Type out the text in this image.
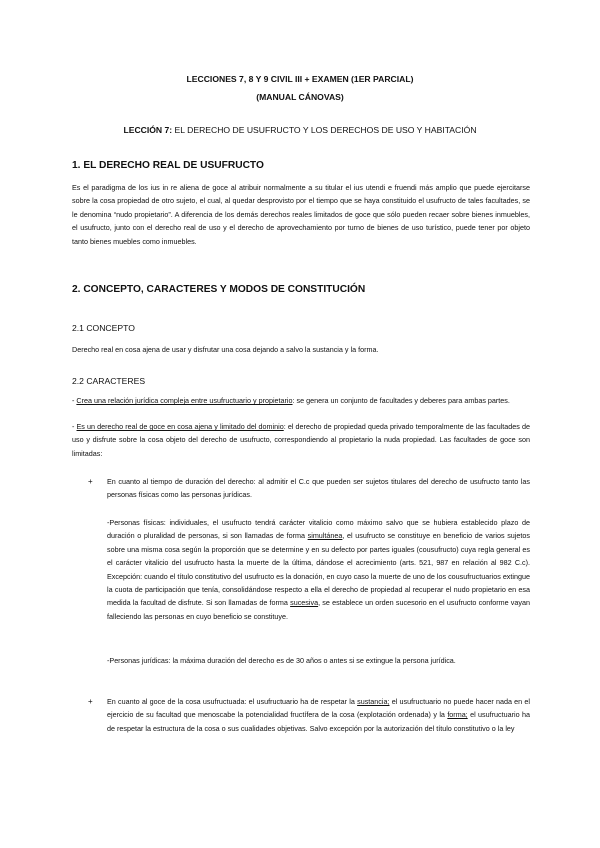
LECCIONES 7, 8 Y 9 CIVIL III + EXAMEN (1ER PARCIAL)
(MANUAL CÁNOVAS)
LECCIÓN 7: EL DERECHO DE USUFRUCTO Y LOS DERECHOS DE USO Y HABITACIÓN
1. EL DERECHO REAL DE USUFRUCTO
Es el paradigma de los ius in re aliena de goce al atribuir normalmente a su titular el ius utendi e fruendi más amplio que puede ejercitarse sobre la cosa propiedad de otro sujeto, el cual, al quedar desprovisto por el tiempo que se haya constituido el usufructo de tales facultades, se le denomina “nudo propietario”. A diferencia de los demás derechos reales limitados de goce que sólo pueden recaer sobre bienes inmuebles, el usufructo, junto con el derecho real de uso y el derecho de aprovechamiento por turno de bienes de uso turístico, puede tener por objeto tanto bienes muebles como inmuebles.
2. CONCEPTO, CARACTERES Y MODOS DE CONSTITUCIÓN
2.1 CONCEPTO
Derecho real en cosa ajena de usar y disfrutar una cosa dejando a salvo la sustancia y la forma.
2.2 CARACTERES
- Crea una relación jurídica compleja entre usufructuario y propietario: se genera un conjunto de facultades y deberes para ambas partes.
- Es un derecho real de goce en cosa ajena y limitado del dominio: el derecho de propiedad queda privado temporalmente de las facultades de uso y disfrute sobre la cosa objeto del derecho de usufructo, correspondiendo al propietario la nuda propiedad. Las facultades de goce son limitadas:
+ En cuanto al tiempo de duración del derecho: al admitir el C.c que pueden ser sujetos titulares del derecho de usufructo tanto las personas físicas como las personas jurídicas.
-Personas físicas: individuales, el usufructo tendrá carácter vitalicio como máximo salvo que se hubiera establecido plazo de duración o pluralidad de personas, si son llamadas de forma simultánea, el usufructo se constituye en beneficio de varios sujetos sobre una misma cosa según la proporción que se determine y en su defecto por partes iguales (cousufructo) cuya regla general es el carácter vitalicio del usufructo hasta la muerte de la última, dándose el acrecimiento (arts. 521, 987 en relación al 982 C.c). Excepción: cuando el título constitutivo del usufructo es la donación, en cuyo caso la muerte de uno de los cousufructuarios extingue la cuota de participación que tenía, consolidándose respecto a ella el derecho de propiedad al recuperar el nudo propietario en esa medida la facultad de disfrute. Si son llamadas de forma sucesiva, se establece un orden sucesorio en el usufructo conforme vayan falleciendo las personas en cuyo beneficio se constituye.
-Personas jurídicas: la máxima duración del derecho es de 30 años o antes si se extingue la persona jurídica.
+ En cuanto al goce de la cosa usufructuada: el usufructuario ha de respetar la sustancia; el usufructuario no puede hacer nada en el ejercicio de su facultad que menoscabe la potencialidad fructífera de la cosa (explotación ordenada) y la forma; el usufructuario ha de respetar la estructura de la cosa o sus cualidades objetivas. Salvo excepción por la autorización del título constitutivo o la ley
